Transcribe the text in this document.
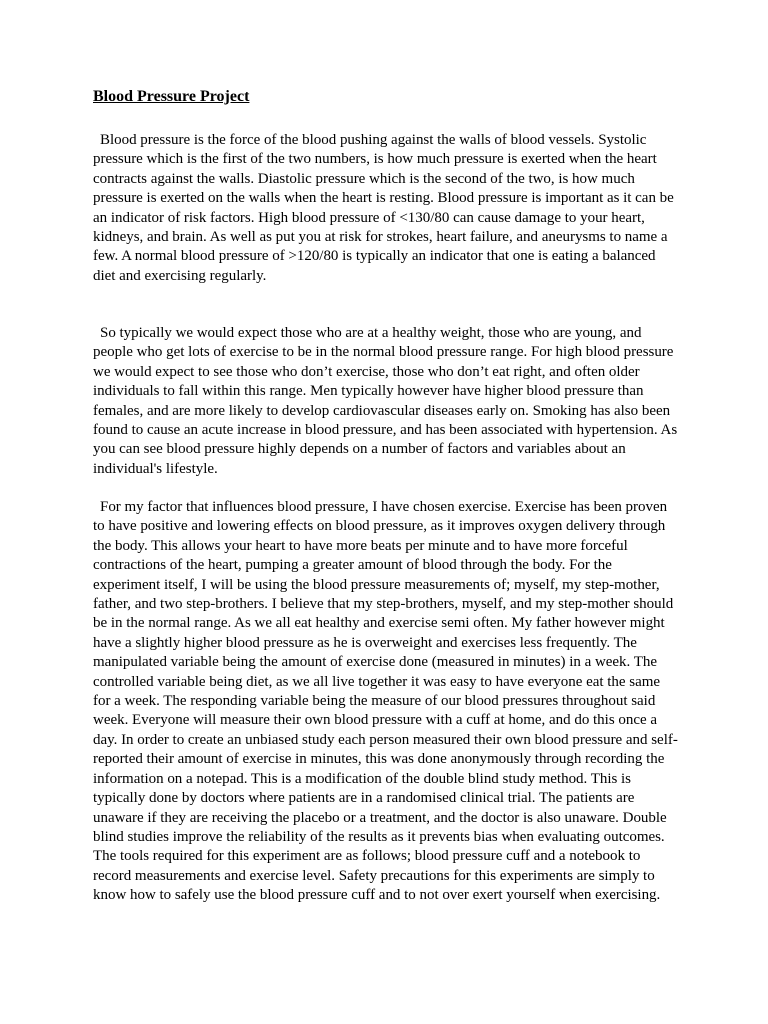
Blood Pressure Project

Blood pressure is the force of the blood pushing against the walls of blood vessels. Systolic pressure which is the first of the two numbers, is how much pressure is exerted when the heart contracts against the walls. Diastolic pressure which is the second of the two, is how much pressure is exerted on the walls when the heart is resting. Blood pressure is important as it can be an indicator of risk factors. High blood pressure of <130/80 can cause damage to your heart, kidneys, and brain. As well as put you at risk for strokes, heart failure, and aneurysms to name a few. A normal blood pressure of >120/80 is typically an indicator that one is eating a balanced diet and exercising regularly.

So typically we would expect those who are at a healthy weight, those who are young, and people who get lots of exercise to be in the normal blood pressure range. For high blood pressure we would expect to see those who don’t exercise, those who don’t eat right, and often older individuals to fall within this range. Men typically however have higher blood pressure than females, and are more likely to develop cardiovascular diseases early on. Smoking has also been found to cause an acute increase in blood pressure, and has been associated with hypertension. As you can see blood pressure highly depends on a number of factors and variables about an individual's lifestyle.

For my factor that influences blood pressure, I have chosen exercise. Exercise has been proven to have positive and lowering effects on blood pressure, as it improves oxygen delivery through the body. This allows your heart to have more beats per minute and to have more forceful contractions of the heart, pumping a greater amount of blood through the body. For the experiment itself, I will be using the blood pressure measurements of; myself, my step-mother, father, and two step-brothers. I believe that my step-brothers, myself, and my step-mother should be in the normal range. As we all eat healthy and exercise semi often. My father however might have a slightly higher blood pressure as he is overweight and exercises less frequently. The manipulated variable being the amount of exercise done (measured in minutes) in a week. The controlled variable being diet, as we all live together it was easy to have everyone eat the same for a week. The responding variable being the measure of our blood pressures throughout said week. Everyone will measure their own blood pressure with a cuff at home, and do this once a day. In order to create an unbiased study each person measured their own blood pressure and self-reported their amount of exercise in minutes, this was done anonymously through recording the information on a notepad. This is a modification of the double blind study method. This is typically done by doctors where patients are in a randomised clinical trial. The patients are unaware if they are receiving the placebo or a treatment, and the doctor is also unaware. Double blind studies improve the reliability of the results as it prevents bias when evaluating outcomes. The tools required for this experiment are as follows; blood pressure cuff and a notebook to record measurements and exercise level. Safety precautions for this experiments are simply to know how to safely use the blood pressure cuff and to not over exert yourself when exercising.
